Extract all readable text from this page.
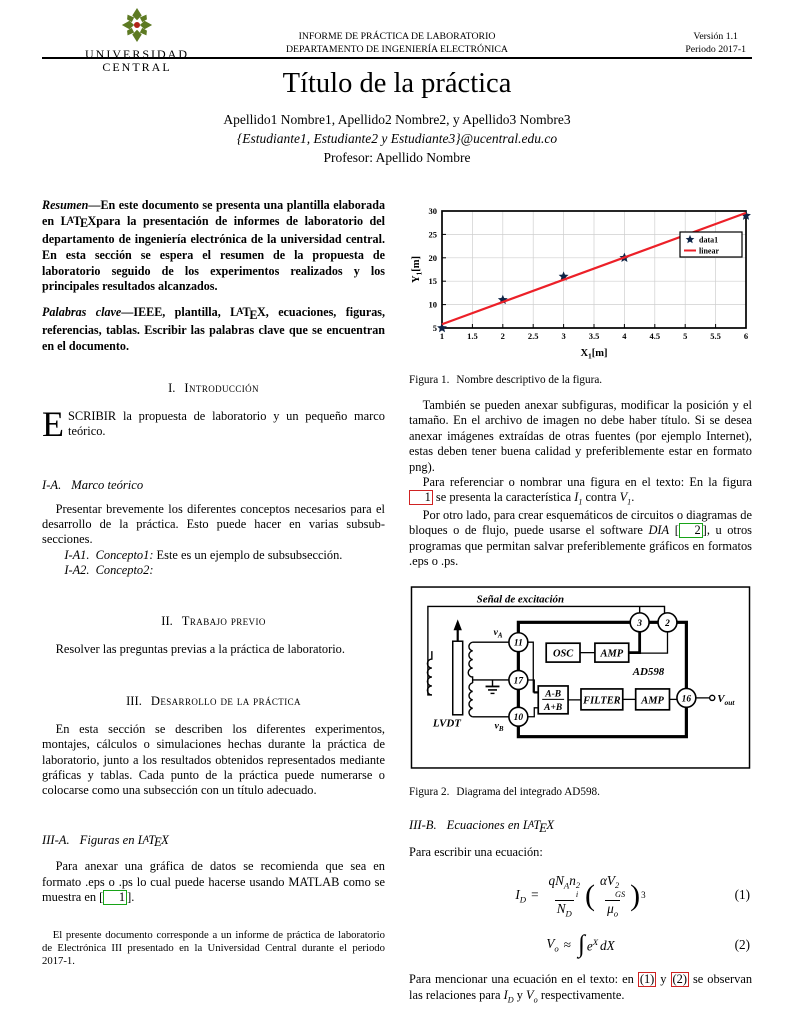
UNIVERSIDAD
CENTRAL
INFORME DE PRÁCTICA DE LABORATORIO
DEPARTAMENTO DE INGENIERÍA ELECTRÓNICA
Versión 1.1
Periodo 2017-1
Título de la práctica
Apellido1 Nombre1, Apellido2 Nombre2, y Apellido3 Nombre3
{Estudiante1, Estudiante2 y Estudiante3}@ucentral.edu.co
Profesor: Apellido Nombre

Resumen—En este documento se presenta una plantilla elaborada en LATEXpara la presentación de informes de laboratorio del departamento de ingeniería electrónica de la universidad central. En esta sección se espera el resumen de la propuesta de laboratorio seguido de los experimentos realizados y los principales resultados alcanzados.

Palabras clave—IEEE, plantilla, LATEX, ecuaciones, figuras, referencias, tablas. Escribir las palabras clave que se encuentran en el documento.

I. Introducción

ESCRIBIR la propuesta de laboratorio y un pequeño marco teórico.

I-A. Marco teórico

Presentar brevemente los diferentes conceptos necesarios para el desarrollo de la práctica. Esto puede hacer en varias subsub-secciones.

I-A1. Concepto1: Este es un ejemplo de subsubsección.

I-A2. Concepto2:

II. Trabajo previo

Resolver las preguntas previas a la práctica de laboratorio.

III. Desarrollo de la práctica

En esta sección se describen los diferentes experimentos, montajes, cálculos o simulaciones hechas durante la práctica de laboratorio, junto a los resultados obtenidos representados mediante gráficas y tablas. Cada punto de la práctica puede numerarse o colocarse como una subsección con un título adecuado.

III-A. Figuras en LATEX

Para anexar una gráfica de datos se recomienda que sea en formato .eps o .ps lo cual puede hacerse usando MATLAB como se muestra en [ 1 ].

El presente documento corresponde a un informe de práctica de laboratorio de Electrónica III presentado en la Universidad Central durante el periodo 2017-1.

1	1.5	2	2.5	3	3.5	4	4.5	5	5.5	6
5
10
15
20
25
30
$X_1[m]$
$Y_1[m]$
data1
linear
Figura 1. Nombre descriptivo de la figura.

También se pueden anexar subfiguras, modificar la posición y el tamaño. En el archivo de imagen no debe haber título. Si se desea anexar imágenes extraídas de otras fuentes (por ejemplo Internet), estas deben tener buena calidad y preferiblemente estar en formato png).

Para referenciar o nombrar una figura en el texto: En la figura 1 se presenta la característica $I_1$ contra $V_1$.

Por otro lado, para crear esquemáticos de circuitos o diagramas de bloques o de flujo, puede usarse el software DIA [ 2 ], u otros programas que permitan salvar preferiblemente gráficos en formatos .eps o .ps.

Señal de excitación
OSC	AMP
A-B
A+B
FILTER AMP
11
17
10
3 2
16
$v_A$
$v_B$
LVDT
AD598
$V_{out}$
Figura 2. Diagrama del integrado AD598.
III-B. Ecuaciones en LATEX

Para escribir una ecuación:

$I_D = qN_An$ 2
i
$N_D$ ( αV 2
GS
$\mu_o$ ) 3	(1)
$V_o$ ≈ ∫ $e^X$ dX	(2)

Para mencionar una ecuación en el texto: en (1) y (2) se observan las relaciones para $I_D$ y $V_o$ respectivamente.
